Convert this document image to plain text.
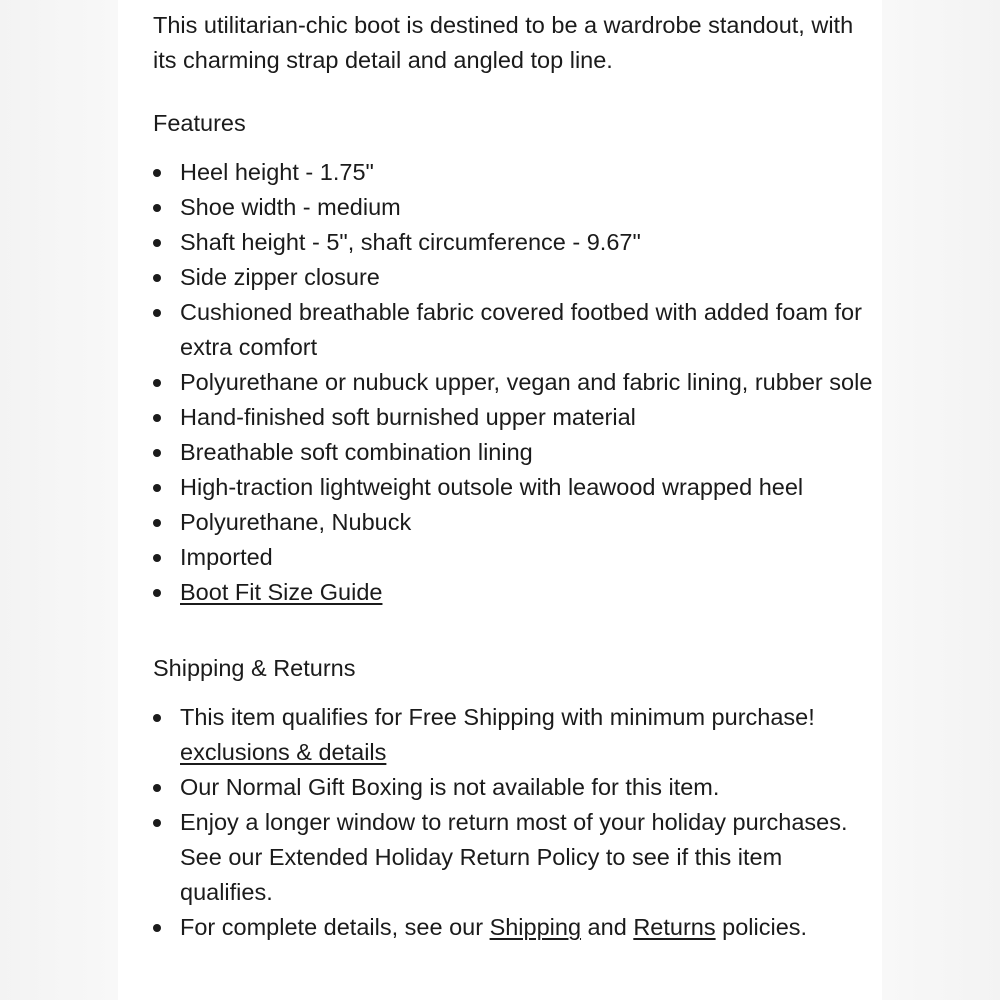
This utilitarian-chic boot is destined to be a wardrobe standout, with its charming strap detail and angled top line.

Features
Heel height - 1.75"
Shoe width - medium
Shaft height - 5", shaft circumference - 9.67"
Side zipper closure
Cushioned breathable fabric covered footbed with added foam for extra comfort
Polyurethane or nubuck upper, vegan and fabric lining, rubber sole
Hand-finished soft burnished upper material
Breathable soft combination lining
High-traction lightweight outsole with leawood wrapped heel
Polyurethane, Nubuck
Imported
Boot Fit Size Guide
Shipping & Returns
This item qualifies for Free Shipping with minimum purchase!
exclusions & details
Our Normal Gift Boxing is not available for this item.
Enjoy a longer window to return most of your holiday purchases. See our Extended Holiday Return Policy to see if this item qualifies.
For complete details, see our Shipping and Returns policies.
